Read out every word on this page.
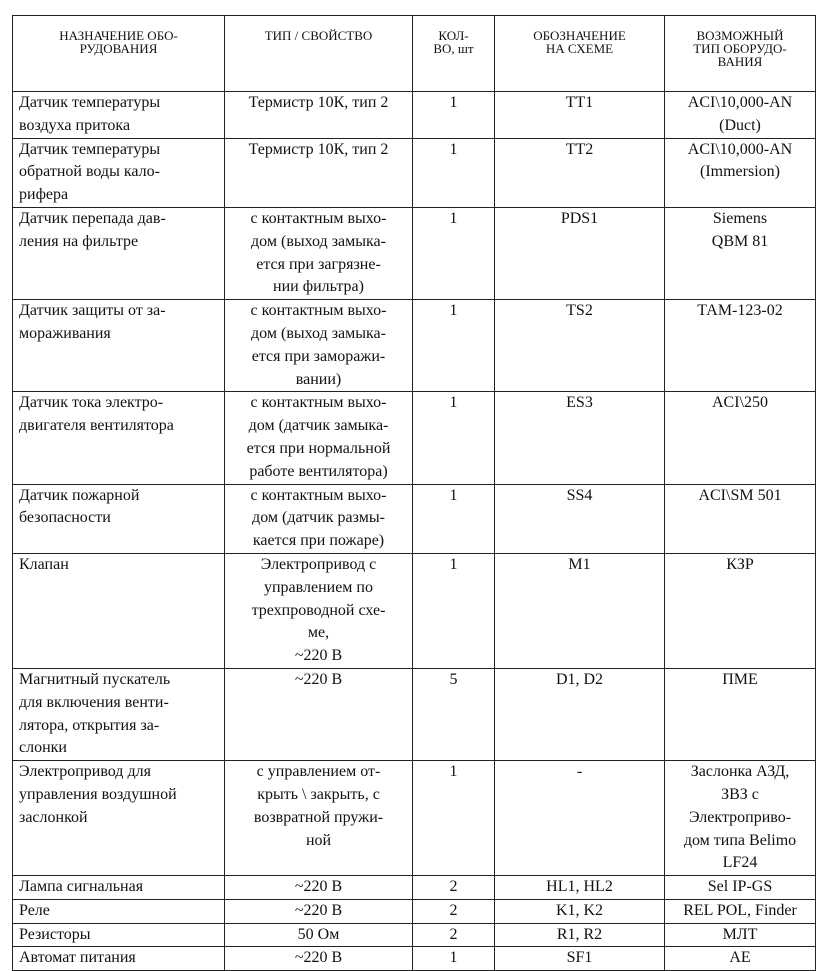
НАЗНАЧЕНИЕ ОБО-
РУДОВАНИЯ	ТИП / СВОЙСТВО	КОЛ-
ВО, шт	ОБОЗНАЧЕНИЕ
НА СХЕМЕ	ВОЗМОЖНЫЙ
ТИП ОБОРУДО-
ВАНИЯ

Датчик температуры
воздуха притока	Термистр 10К, тип 2	1	TT1	ACI\10,000-AN
(Duct)

Датчик температуры
обратной воды кало-
рифера	Термистр 10К, тип 2	1	TT2	ACI\10,000-AN
(Immersion)

Датчик перепада дав-
ления на фильтре	с контактным выхо-
дом (выход замыка-
ется при загрязне-
нии фильтра)	1	PDS1	Siemens
QBM 81

Датчик защиты от за-
мораживания	с контактным выхо-
дом (выход замыка-
ется при заморажи-
вании)	1	TS2	ТАМ-123-02

Датчик тока электро-
двигателя вентилятора	с контактным выхо-
дом (датчик замыка-
ется при нормальной
работе вентилятора)	1	ES3	ACI\250

Датчик пожарной
безопасности	с контактным выхо-
дом (датчик размы-
кается при пожаре)	1	SS4	ACI\SM 501

Клапан	Электропривод с
управлением по
трехпроводной схе-
ме,
~220 В	1	M1	КЗР

Магнитный пускатель
для включения венти-
лятора, открытия за-
слонки	~220 В	5	D1, D2	ПМЕ

Электропривод для
управления воздушной
заслонкой	с управлением от-
крыть \ закрыть, с
возвратной пружи-
ной	1	-	Заслонка АЗД,
ЗВЗ с
Электроприво-
дом типа Belimo
LF24

Лампа сигнальная	~220 В	2	HL1, HL2	Sel IP-GS

Реле	~220 В	2	K1, K2	REL POL, Finder

Резисторы	50 Ом	2	R1, R2	МЛТ

Автомат питания	~220 В	1	SF1	AE
